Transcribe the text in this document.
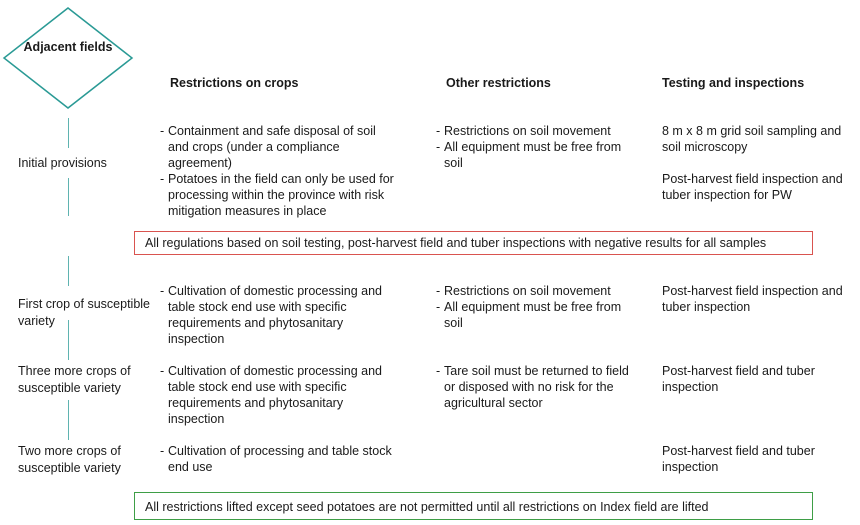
Adjacent fields
Restrictions on crops	Other restrictions	Testing and inspections
Initial provisions
- Containment and safe disposal of soil and crops (under a compliance agreement)
- Potatoes in the field can only be used for processing within the province with risk mitigation measures in place
- Restrictions on soil movement
- All equipment must be free from soil
8 m x 8 m grid soil sampling and soil microscopy
Post-harvest field inspection and tuber inspection for PW
All regulations based on soil testing, post-harvest field and tuber inspections with negative results for all samples
First crop of susceptible variety
- Cultivation of domestic processing and table stock end use with specific requirements and phytosanitary inspection
- Restrictions on soil movement
- All equipment must be free from soil
Post-harvest field inspection and tuber inspection
Three more crops of susceptible variety
- Cultivation of domestic processing and table stock end use with specific requirements and phytosanitary inspection
- Tare soil must be returned to field or disposed with no risk for the agricultural sector
Post-harvest field and tuber inspection
Two more crops of susceptible variety
- Cultivation of processing and table stock end use
Post-harvest field and tuber inspection
All restrictions lifted except seed potatoes are not permitted until all restrictions on Index field are lifted
